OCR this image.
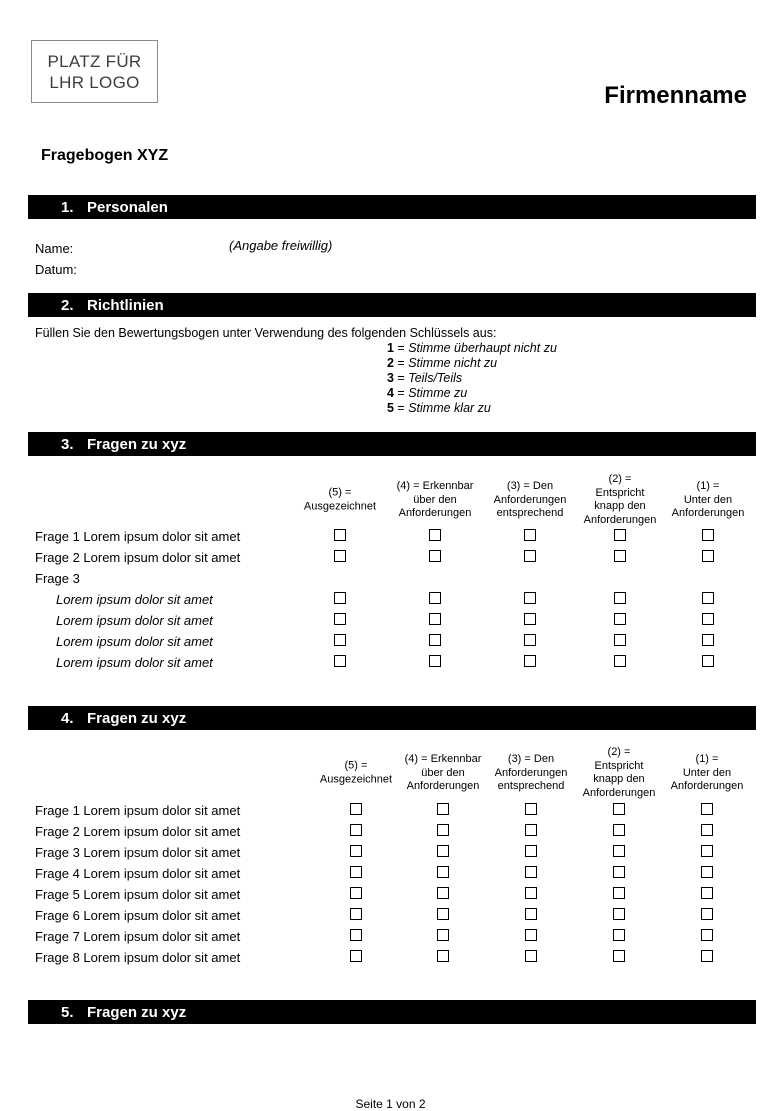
PLATZ FÜR
LHR LOGO	Firmenname
Fragebogen XYZ
1. Personalen
Name:	(Angabe freiwillig)
Datum:
2. Richtlinien
Füllen Sie den Bewertungsbogen unter Verwendung des folgenden Schlüssels aus:
1 = Stimme überhaupt nicht zu
2 = Stimme nicht zu
3 = Teils/Teils
4 = Stimme zu
5 = Stimme klar zu
3. Fragen zu xyz
(5) =
Ausgezeichnet
(4) = Erkennbar
über den
Anforderungen
(3) = Den
Anforderungen
entsprechend
(2) =
Entspricht
knapp den
Anforderungen
(1) =
Unter den
Anforderungen
Frage 1 Lorem ipsum dolor sit amet
Frage 2 Lorem ipsum dolor sit amet
Frage 3
Lorem ipsum dolor sit amet
Lorem ipsum dolor sit amet
Lorem ipsum dolor sit amet
Lorem ipsum dolor sit amet
4. Fragen zu xyz
(5) =
Ausgezeichnet
(4) = Erkennbar
über den
Anforderungen
(3) = Den
Anforderungen
entsprechend
(2) =
Entspricht
knapp den
Anforderungen
(1) =
Unter den
Anforderungen
Frage 1 Lorem ipsum dolor sit amet
Frage 2 Lorem ipsum dolor sit amet
Frage 3 Lorem ipsum dolor sit amet
Frage 4 Lorem ipsum dolor sit amet
Frage 5 Lorem ipsum dolor sit amet
Frage 6 Lorem ipsum dolor sit amet
Frage 7 Lorem ipsum dolor sit amet
Frage 8 Lorem ipsum dolor sit amet
5. Fragen zu xyz
Seite 1 von 2
